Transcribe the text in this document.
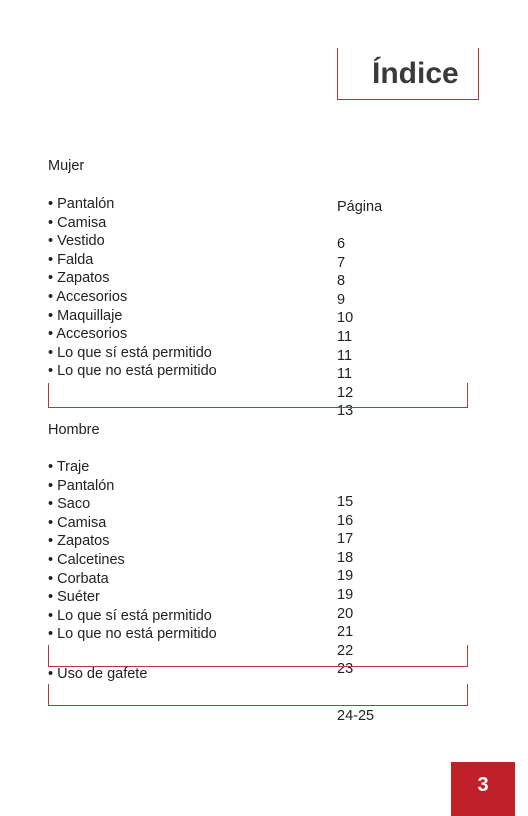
Índice
Mujer
• Pantalón
• Camisa
• Vestido
• Falda
• Zapatos
• Accesorios
• Maquillaje
• Accesorios
• Lo que sí está permitido
• Lo que no está permitido
Página
6
7
8
9
10
11
11
11
12
13
Hombre
• Traje
• Pantalón
• Saco
• Camisa
• Zapatos
• Calcetines
• Corbata
• Suéter
• Lo que sí está permitido
• Lo que no está permitido
15
16
17
18
19
19
20
21
22
23
• Uso de gafete
24-25
3
